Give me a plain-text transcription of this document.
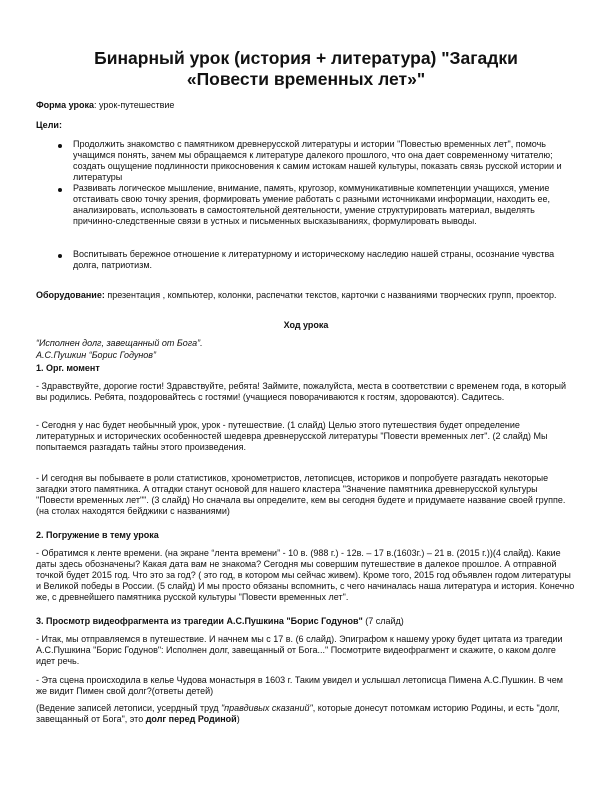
Бинарный урок (история + литература) "Загадки
«Повести временных лет»"
Форма урока: урок-путешествие
Цели:
Продолжить знакомство с памятником древнерусской литературы и истории "Повестью временных лет", помочь учащимся понять, зачем мы обращаемся к литературе далекого прошлого, что она дает современному читателю; создать ощущение подлинности прикосновения к самим истокам нашей культуры, показать связь русской истории и литературы
Развивать логическое мышление, внимание, память, кругозор, коммуникативные компетенции учащихся, умение отстаивать свою точку зрения, формировать умение работать с разными источниками информации, находить ее, анализировать, использовать в самостоятельной деятельности, умение структурировать материал, выделять причинно-следственные связи в устных и письменных высказываниях, формулировать выводы.
Воспитывать бережное отношение к литературному и историческому наследию нашей страны, осознание чувства долга, патриотизм.
Оборудование: презентация , компьютер, колонки, распечатки текстов, карточки с названиями творческих групп, проектор.
Ход урока
“Исполнен долг, завещанный от Бога”.
А.С.Пушкин “Борис Годунов”
1. Орг. момент
- Здравствуйте, дорогие гости! Здравствуйте, ребята! Займите, пожалуйста, места в соответствии с временем года, в который вы родились. Ребята, поздоровайтесь с гостями! (учащиеся поворачиваются к гостям, здороваются). Садитесь.
- Сегодня у нас будет необычный урок, урок - путешествие. (1 слайд) Целью этого путешествия будет определение литературных и исторических особенностей шедевра древнерусской литературы "Повести временных лет". (2 слайд) Мы попытаемся разгадать тайны этого произведения.
- И сегодня вы побываете в роли статистиков, хронометристов, летописцев, историков и попробуете разгадать некоторые загадки этого памятника. А отгадки станут основой для нашего кластера "Значение памятника древнерусской культуры "Повести временных лет"". (3 слайд) Но сначала вы определите, кем вы сегодня будете и придумаете название своей группе. (на столах находятся бейджики с названиями)
2. Погружение в тему урока
- Обратимся к ленте времени. (на экране “лента времени” - 10 в. (988 г.) - 12в. – 17 в.(1603г.) – 21 в. (2015 г.))(4 слайд). Какие даты здесь обозначены? Какая дата вам не знакома? Сегодня мы совершим путешествие в далекое прошлое. А отправной точкой будет 2015 год. Что это за год? ( это год, в котором мы сейчас живем). Кроме того, 2015 год объявлен годом литературы и Великой победы в России. (5 слайд) И мы просто обязаны вспомнить, с чего начиналась наша литература и история. Конечно же, с древнейшего памятника русской культуры "Повести временных лет".
3. Просмотр видеофрагмента из трагедии А.С.Пушкина "Борис Годунов" (7 слайд)
- Итак, мы отправляемся в путешествие. И начнем мы с 17 в. (6 слайд). Эпиграфом к нашему уроку будет цитата из трагедии А.С.Пушкина "Борис Годунов": Исполнен долг, завещанный от Бога..." Посмотрите видеофрагмент и скажите, о каком долге идет речь.
- Эта сцена происходила в келье Чудова монастыря в 1603 г. Таким увидел и услышал летописца Пимена А.С.Пушкин. В чем же видит Пимен свой долг?(ответы детей)
(Ведение записей летописи, усердный труд "правдивых сказаний", которые донесут потомкам историю Родины, и есть "долг, завещанный от Бога", это долг перед Родиной)
